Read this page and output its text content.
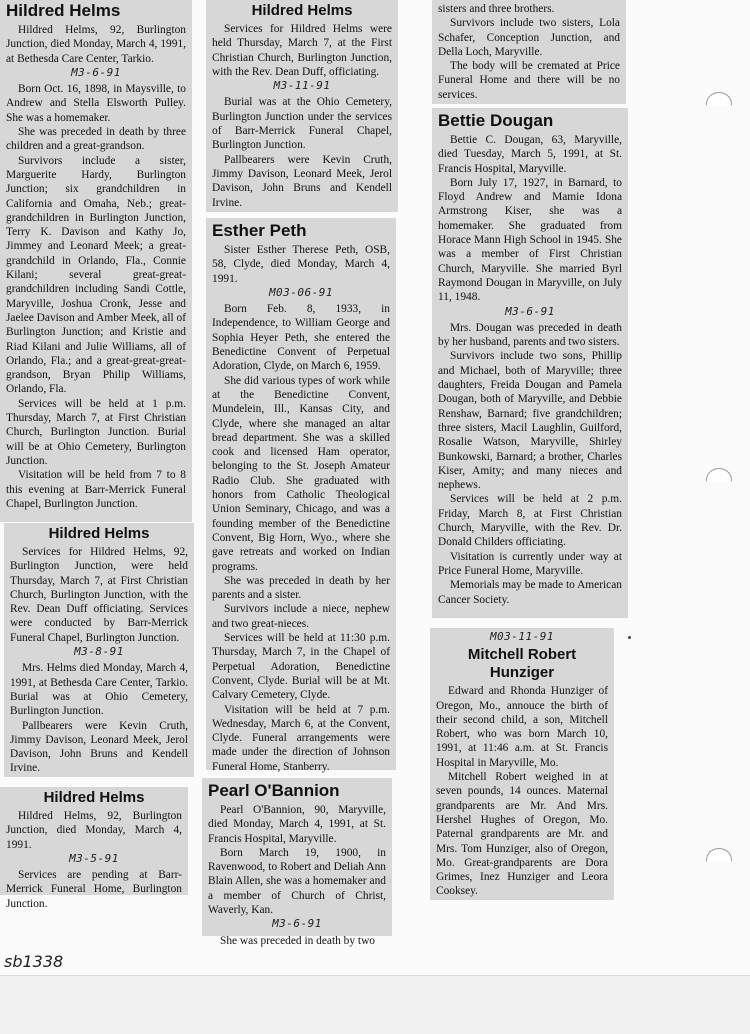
Hildred Helms

Hildred Helms, 92, Burlington Junction, died Monday, March 4, 1991, at Bethesda Care Center, Tarkio.

M3-6-91

Born Oct. 16, 1898, in Maysville, to Andrew and Stella Elsworth Pulley. She was a homemaker.

She was preceded in death by three children and a great-grandson.

Survivors include a sister, Marguerite Hardy, Burlington Junction; six grandchildren in California and Omaha, Neb.; great-grandchildren in Burlington Junction, Terry K. Davison and Kathy Jo, Jimmey and Leonard Meek; a great-grandchild in Orlando, Fla., Connie Kilani; several great-great-grandchildren including Sandi Cottle, Maryville, Joshua Cronk, Jesse and Jaelee Davison and Amber Meek, all of Burlington Junction; and Kristie and Riad Kilani and Julie Williams, all of Orlando, Fla.; and a great-great-great-grandson, Bryan Philip Williams, Orlando, Fla.

Services will be held at 1 p.m. Thursday, March 7, at First Christian Church, Burlington Junction. Burial will be at Ohio Cemetery, Burlington Junction.

Visitation will be held from 7 to 8 this evening at Barr-Merrick Funeral Chapel, Burlington Junction.

Hildred Helms

Services for Hildred Helms, 92, Burlington Junction, were held Thursday, March 7, at First Christian Church, Burlington Junction, with the Rev. Dean Duff officiating. Services were conducted by Barr-Merrick Funeral Chapel, Burlington Junction.

M3-8-91

Mrs. Helms died Monday, March 4, 1991, at Bethesda Care Center, Tarkio. Burial was at Ohio Cemetery, Burlington Junction.

Pallbearers were Kevin Cruth, Jimmy Davison, Leonard Meek, Jerol Davison, John Bruns and Kendell Irvine.

Hildred Helms

Hildred Helms, 92, Burlington Junction, died Monday, March 4, 1991.

M3-5-91

Services are pending at Barr-Merrick Funeral Home, Burlington Junction.

Hildred Helms

Services for Hildred Helms were held Thursday, March 7, at the First Christian Church, Burlington Junction, with the Rev. Dean Duff, officiating.

M3-11-91

Burial was at the Ohio Cemetery, Burlington Junction under the services of Barr-Merrick Funeral Chapel, Burlington Junction.

Pallbearers were Kevin Cruth, Jimmy Davison, Leonard Meek, Jerol Davison, John Bruns and Kendell Irvine.

Esther Peth

Sister Esther Therese Peth, OSB, 58, Clyde, died Monday, March 4, 1991.

M03-06-91

Born Feb. 8, 1933, in Independence, to William George and Sophia Heyer Peth, she entered the Benedictine Convent of Perpetual Adoration, Clyde, on March 6, 1959.

She did various types of work while at the Benedictine Convent, Mundelein, Ill., Kansas City, and Clyde, where she managed an altar bread department. She was a skilled cook and licensed Ham operator, belonging to the St. Joseph Amateur Radio Club. She graduated with honors from Catholic Theological Union Seminary, Chicago, and was a founding member of the Benedictine Convent, Big Horn, Wyo., where she gave retreats and worked on Indian programs.

She was preceded in death by her parents and a sister.

Survivors include a niece, nephew and two great-nieces.

Services will be held at 11:30 p.m. Thursday, March 7, in the Chapel of Perpetual Adoration, Benedictine Convent, Clyde. Burial will be at Mt. Calvary Cemetery, Clyde.

Visitation will be held at 7 p.m. Wednesday, March 6, at the Convent, Clyde. Funeral arrangements were made under the direction of Johnson Funeral Home, Stanberry.

Pearl O'Bannion

Pearl O'Bannion, 90, Maryville, died Monday, March 4, 1991, at St. Francis Hospital, Maryville.

Born March 19, 1900, in Ravenwood, to Robert and Deliah Ann Blain Allen, she was a homemaker and a member of Church of Christ, Waverly, Kan.

M3-6-91

She was preceded in death by two

sisters and three brothers.

Survivors include two sisters, Lola Schafer, Conception Junction, and Della Loch, Maryville.

The body will be cremated at Price Funeral Home and there will be no services.

Bettie Dougan

Bettie C. Dougan, 63, Maryville, died Tuesday, March 5, 1991, at St. Francis Hospital, Maryville.

Born July 17, 1927, in Barnard, to Floyd Andrew and Mamie Idona Armstrong Kiser, she was a homemaker. She graduated from Horace Mann High School in 1945. She was a member of First Christian Church, Maryville. She married Byrl Raymond Dougan in Maryville, on July 11, 1948.

M3-6-91

Mrs. Dougan was preceded in death by her husband, parents and two sisters.

Survivors include two sons, Phillip and Michael, both of Maryville; three daughters, Freida Dougan and Pamela Dougan, both of Maryville, and Debbie Renshaw, Barnard; five grandchildren; three sisters, Macil Laughlin, Guilford, Rosalie Watson, Maryville, Shirley Bunkowski, Barnard; a brother, Charles Kiser, Amity; and many nieces and nephews.

Services will be held at 2 p.m. Friday, March 8, at First Christian Church, Maryville, with the Rev. Dr. Donald Childers officiating.

Visitation is currently under way at Price Funeral Home, Maryville.

Memorials may be made to American Cancer Society.

M03-11-91
Mitchell Robert Hunziger

Edward and Rhonda Hunziger of Oregon, Mo., annouce the birth of their second child, a son, Mitchell Robert, who was born March 10, 1991, at 11:46 a.m. at St. Francis Hospital in Maryville, Mo.

Mitchell Robert weighed in at seven pounds, 14 ounces. Maternal grandparents are Mr. And Mrs. Hershel Hughes of Oregon, Mo. Paternal grandparents are Mr. and Mrs. Tom Hunziger, also of Oregon, Mo. Great-grandparents are Dora Grimes, Inez Hunziger and Leora Cooksey.

sb1338
